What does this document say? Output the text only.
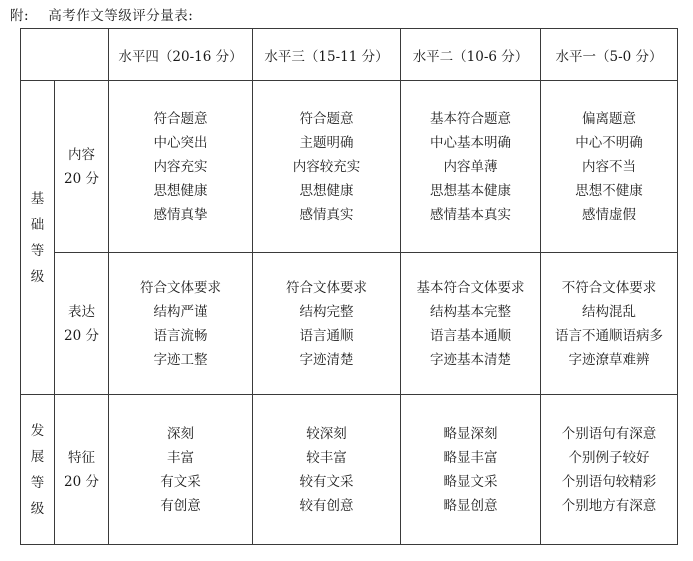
附: 高考作文等级评分量表:
		水平四（20-16 分）	水平三（15-11 分）	水平二（10-6 分）	水平一（5-0 分）

基
础
等
级	内容
20 分	符合题意
中心突出
内容充实
思想健康
感情真挚	符合题意
主题明确
内容较充实
思想健康
感情真实	基本符合题意
中心基本明确
内容单薄
思想基本健康
感情基本真实	偏离题意
中心不明确
内容不当
思想不健康
感情虚假

	表达
20 分	符合文体要求
结构严谨
语言流畅
字迹工整	符合文体要求
结构完整
语言通顺
字迹清楚	基本符合文体要求
结构基本完整
语言基本通顺
字迹基本清楚	不符合文体要求
结构混乱
语言不通顺语病多
字迹潦草难辨

发
展
等
级	特征
20 分	深刻
丰富
有文采
有创意	较深刻
较丰富
较有文采
较有创意	略显深刻
略显丰富
略显文采
略显创意	个别语句有深意
个别例子较好
个别语句较精彩
个别地方有深意
